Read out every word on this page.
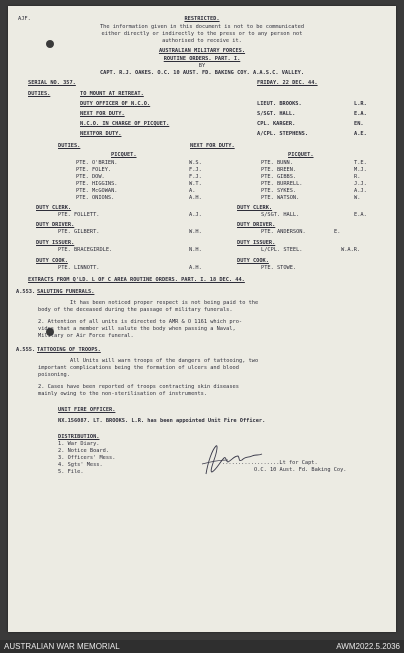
AJF.	RESTRICTED.
The information given in this document is not to be communicated
either directly or indirectly to the press or to any person not
authorised to receive it.
AUSTRALIAN MILITARY FORCES.
ROUTINE ORDERS. PART. I.
BY
CAPT. R.J. OAKES. O.C. 10 AUST. FD. BAKING COY. A.A.S.C. VALLEY.
SERIAL NO. 357.	FRIDAY. 22 DEC. 44.
DUTIES.	TO MOUNT AT RETREAT.
DUTY OFFICER OF N.C.O.	LIEUT. BROOKS.	L.R.
NEXT FOR DUTY.	S/SGT. HALL.	E.A.
N.C.O. IN CHARGE OF PICQUET.	CPL. KARGER.	EN.
NEXTFOR DUTY.	A/CPL. STEPHENS.	A.E.
DUTIES.	NEXT FOR DUTY.
PICQUET.	PICQUET.
PTE. O'BRIEN.	W.S.
PTE. FOLEY.	F.J.
PTE. DOW.	F.J.
PTE. HIGGINS.	W.T.
PTE. McGOWAN.	A.
PTE. ONIONS.	A.H.
PTE. BUNN.	T.E.
PTE. BREEN.	M.J.
PTE. GIBBS.	R.
PTE. BURRELL.	J.J.
PTE. SYKES.	A.J.
PTE. WATSON.	W.
DUTY CLERK.
PTE. FOLLETT.	A.J.
DUTY CLERK.
S/SGT. HALL.	E.A.
DUTY DRIVER.
PTE. GILBERT.	W.H.
DUTY DRIVER.
PTE. ANDERSON.	E.
DUTY ISSUER.
PTE. BRACEGIRDLE.	N.H.
DUTY ISSUER.
L/CPL. STEEL.	W.A.R.
DUTY COOK.
PTE. LINNOTT.	A.H.
DUTY COOK.
PTE. STOWE.
EXTRACTS FROM Q'LD. L OF C AREA ROUTINE ORDERS. PART. I. 18 DEC. 44.
A.553. SALUTING FUNERALS.
It has been noticed proper respect is not being paid to the
body of the deceased during the passage of military funerals.
2. Attention of all units is directed to AMR & O 1161 which pro-
vides that a member will salute the body when passing a Naval,
Military or Air Force funeral.
A.555. TATTOOING OF TROOPS.
All Units will warn troops of the dangers of tattooing, two
important complications being the formation of ulcers and blood
poisoning.
2. Cases have been reported of troops contracting skin diseases
mainly owing to the non-sterilisation of instruments.
UNIT FIRE OFFICER.
NX.156087. LT. BROOKS. L.R. has been appointed Unit Fire Officer.
DISTRIBUTION.
1. War Diary.
2. Notice Board.
3. Officers' Mess.
4. Sgts' Mess.
5. File.
..................Lt for Capt.
O.C. 10 Aust. Fd. Baking Coy.
AUSTRALIAN WAR MEMORIAL	AWM2022.5.2036
